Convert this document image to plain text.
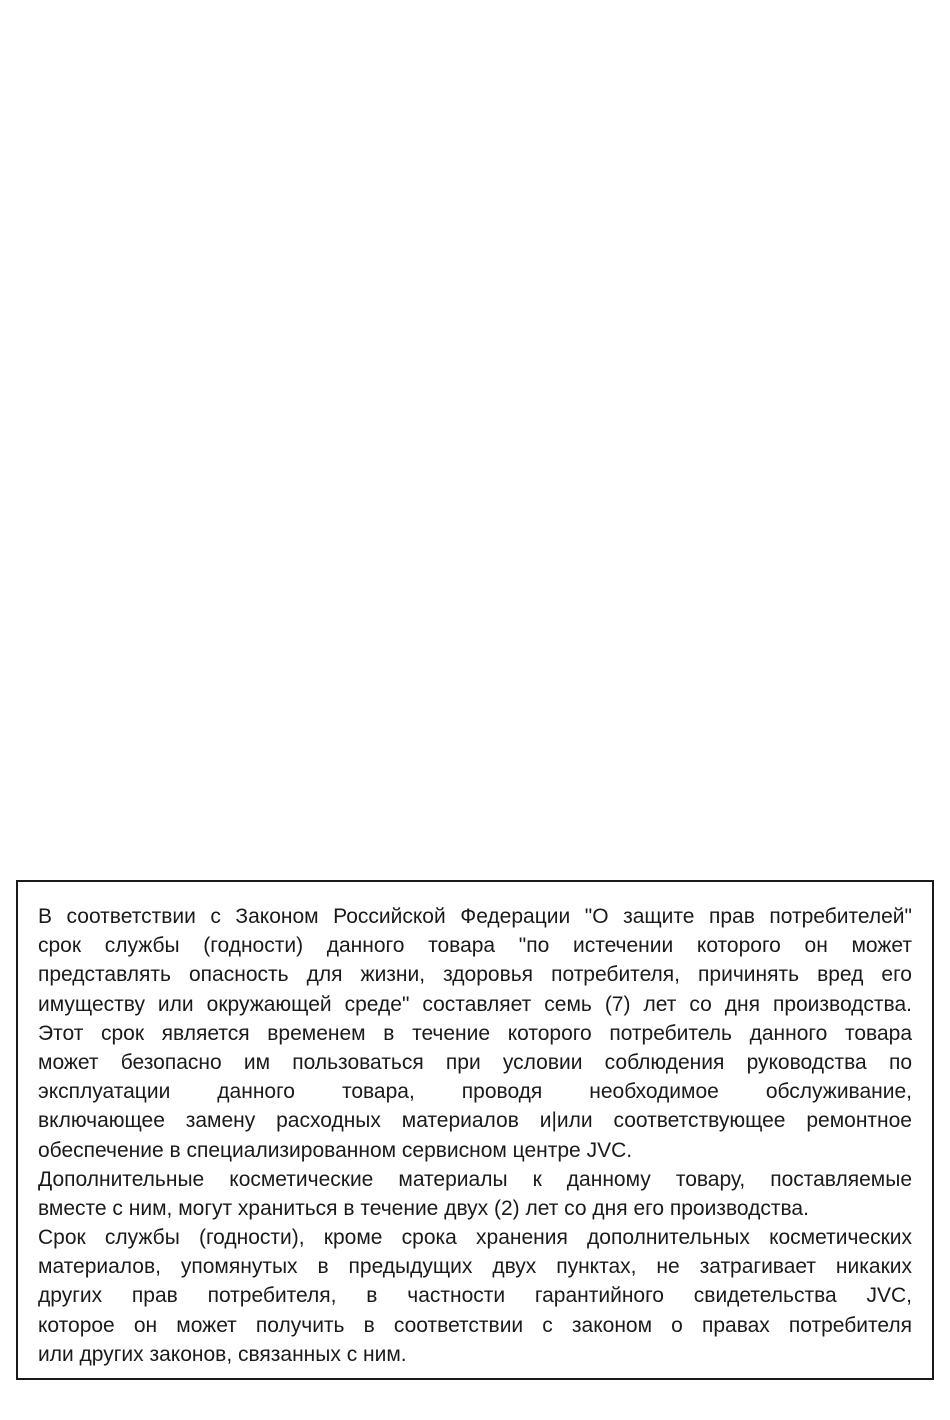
В соответствии с Законом Российской Федерации "О защите прав потребителей"
срок службы (годности) данного товара "по истечении которого он может
представлять опасность для жизни, здоровья потребителя, причинять вред его
имуществу или окружающей среде" составляет семь (7) лет со дня производства.
Этот срок является временем в течение которого потребитель данного товара
может безопасно им пользоваться при условии соблюдения руководства по
эксплуатации данного товара, проводя необходимое обслуживание,
включающее замену расходных материалов и|или соответствующее ремонтное
обеспечение в специализированном сервисном центре JVC.
Дополнительные косметические материалы к данному товару, поставляемые
вместе с ним, могут храниться в течение двух (2) лет со дня его производства.
Срок службы (годности), кроме срока хранения дополнительных косметических
материалов, упомянутых в предыдущих двух пунктах, не затрагивает никаких
других прав потребителя, в частности гарантийного свидетельства JVC,
которое он может получить в соответствии с законом о правах потребителя
или других законов, связанных с ним.
